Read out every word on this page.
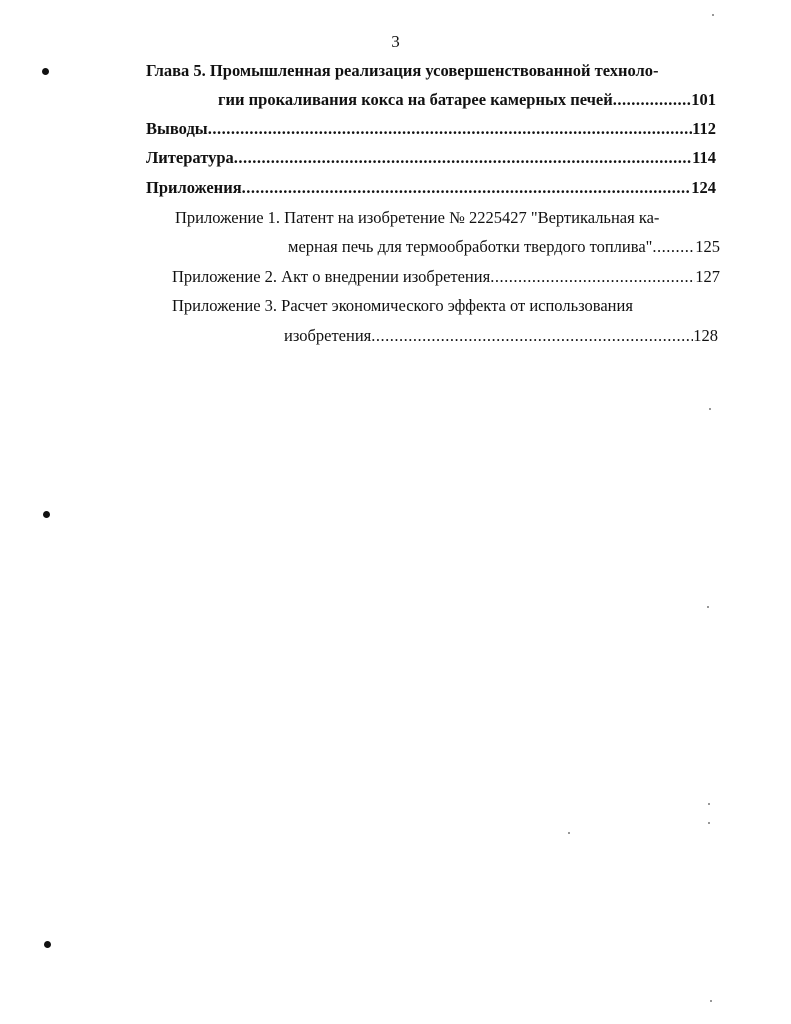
3
Глава 5. Промышленная реализация усовершенствованной техноло-
гии прокаливания кокса на батарее камерных печей .....	101
Выводы .....	112
Литература .....	114
Приложения .....	124
Приложение 1. Патент на изобретение № 2225427 "Вертикальная ка-
мерная печь для термообработки твердого топлива" .....	125
Приложение 2. Акт о внедрении изобретения .....	127
Приложение 3. Расчет экономического эффекта от использования
изобретения .....	128
